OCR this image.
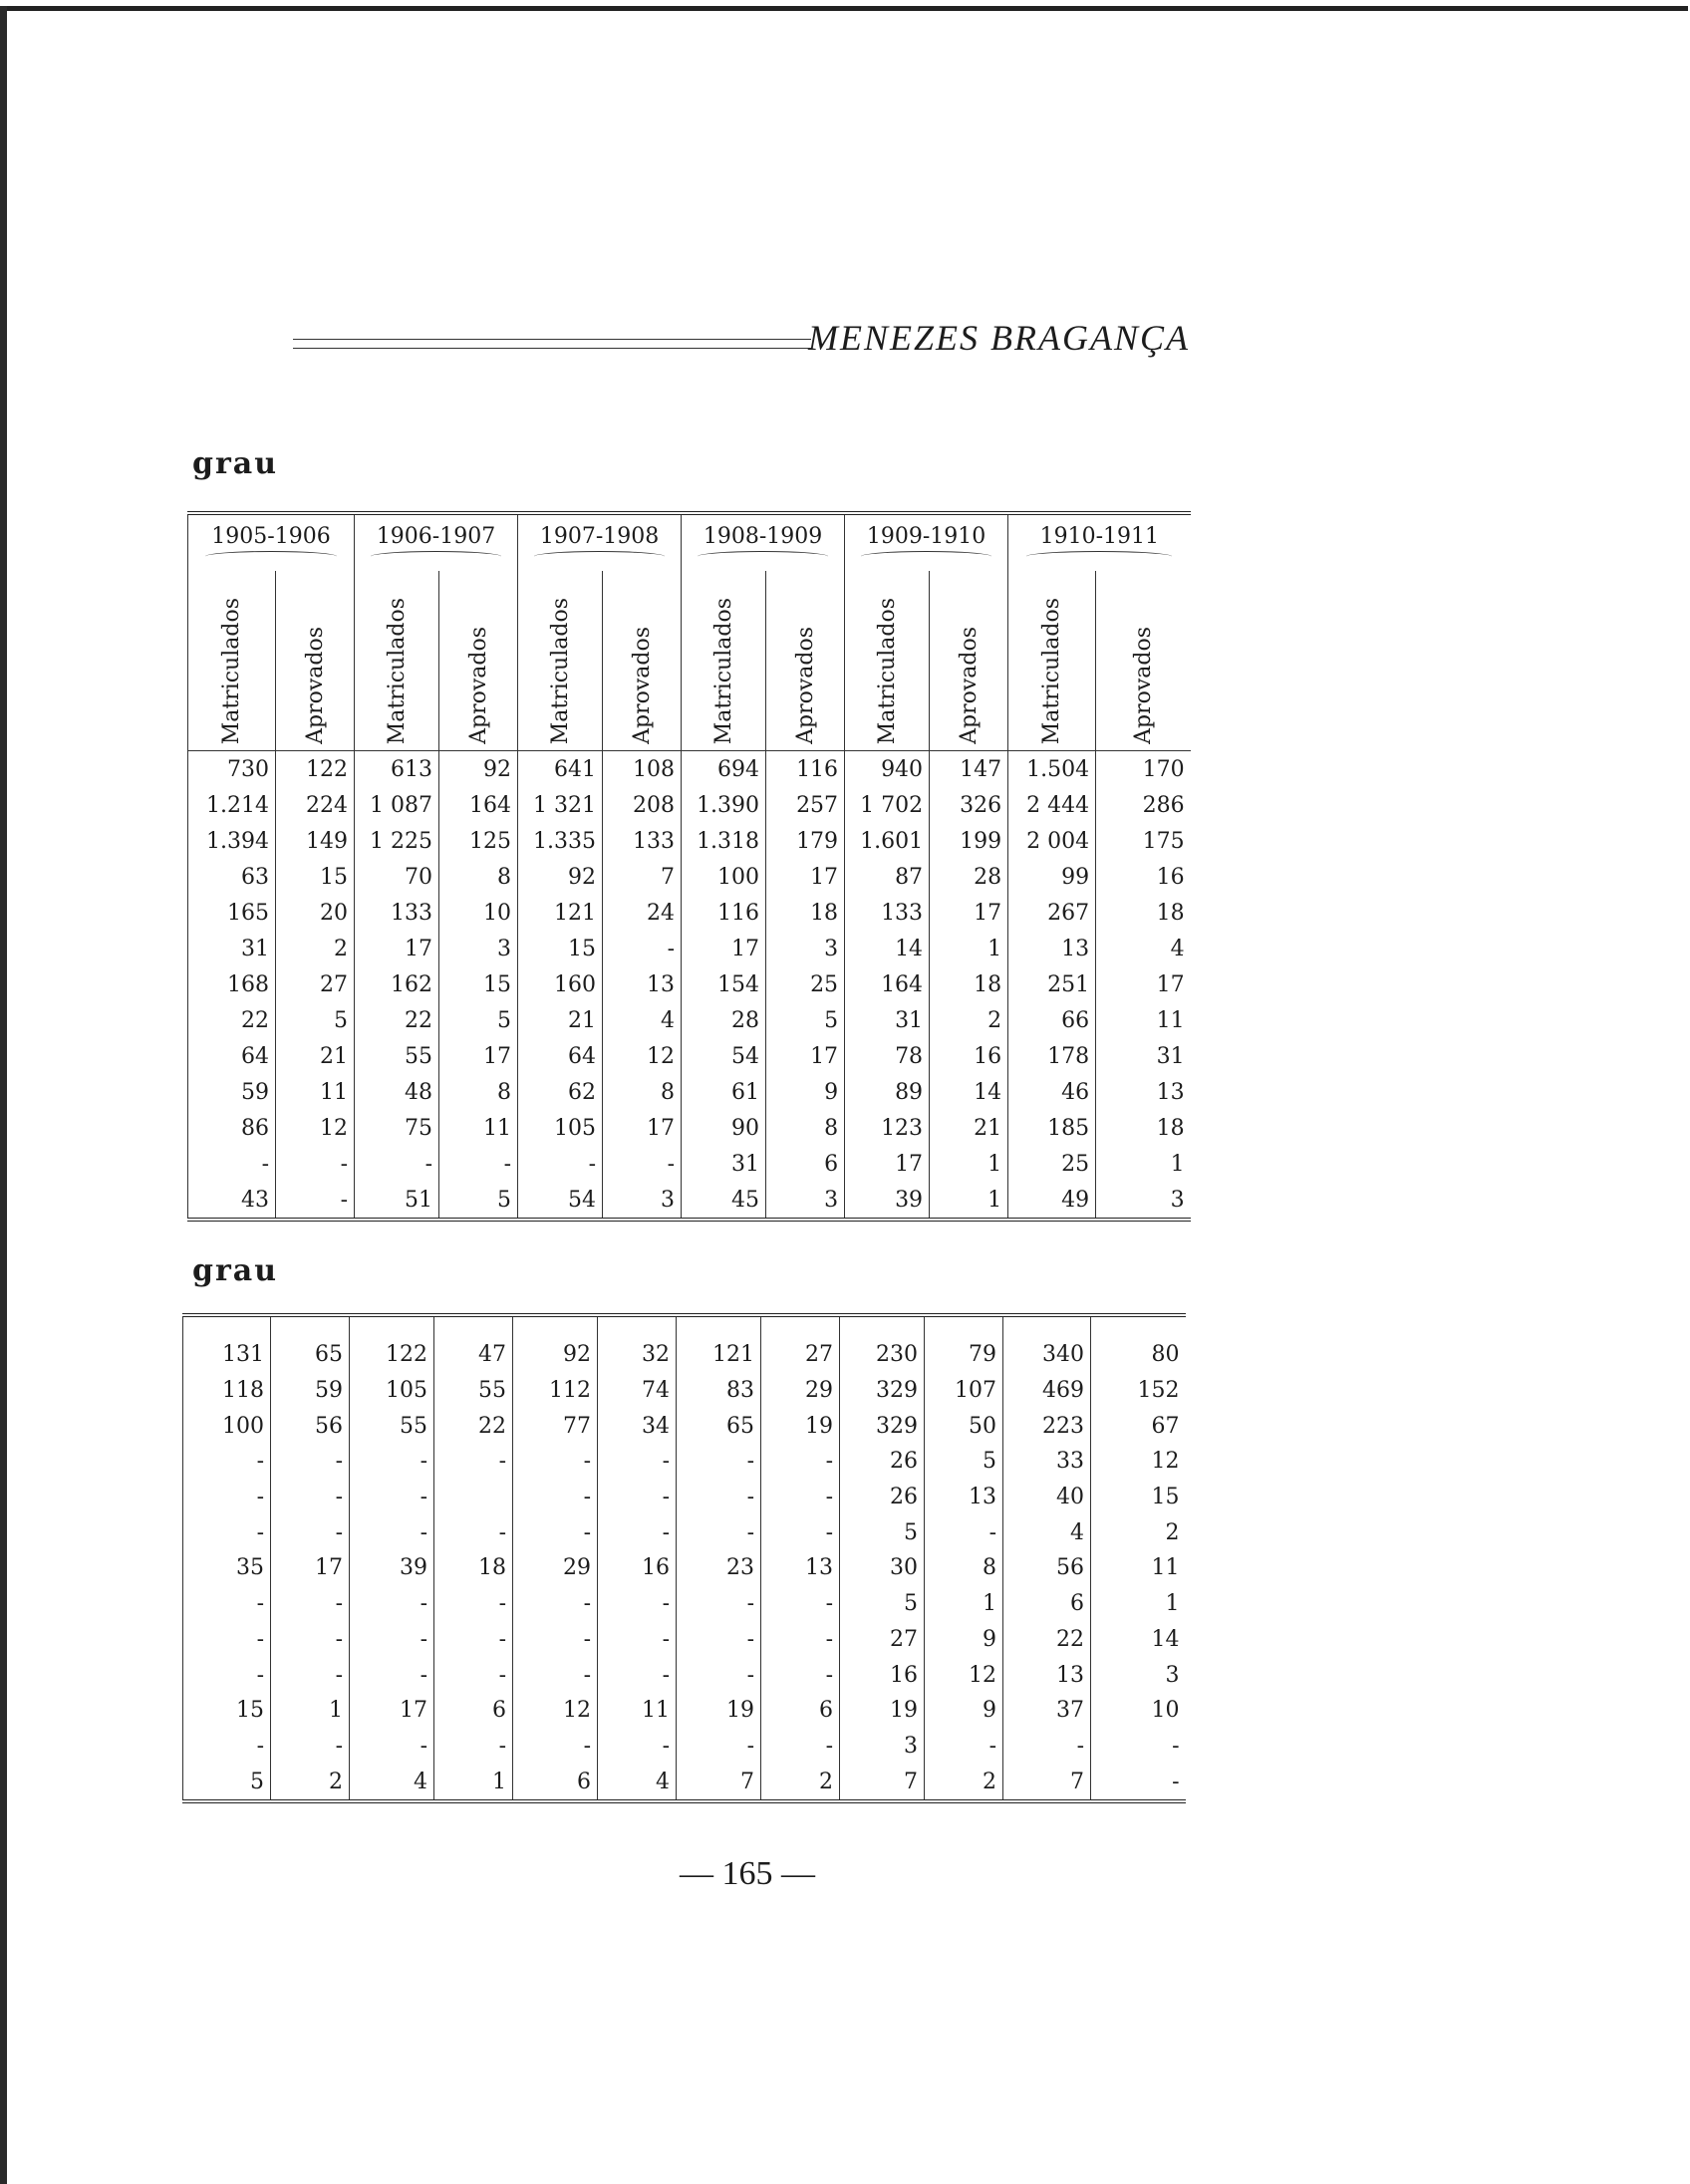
MENEZES BRAGANÇA
grau
1905-1906		1906-1907		1907-1908		1908-1909		1909-1910		1910-1911	

Matriculados	Aprovados	Matriculados	Aprovados	Matriculados	Aprovados	Matriculados	Aprovados	Matriculados	Aprovados	Matriculados	Aprovados
730	122	613	92	641	108	694	116	940	147	1.504	170
1.214	224	1 087	164	1 321	208	1.390	257	1 702	326	2 444	286
1.394	149	1 225	125	1.335	133	1.318	179	1.601	199	2 004	175
63	15	70	8	92	7	100	17	87	28	99	16
165	20	133	10	121	24	116	18	133	17	267	18
31	2	17	3	15	-	17	3	14	1	13	4
168	27	162	15	160	13	154	25	164	18	251	17
22	5	22	5	21	4	28	5	31	2	66	11
64	21	55	17	64	12	54	17	78	16	178	31
59	11	48	8	62	8	61	9	89	14	46	13
86	12	75	11	105	17	90	8	123	21	185	18
-	-	-	-	-	-	31	6	17	1	25	1
43	-	51	5	54	3	45	3	39	1	49	3
grau

131	65	122	47	92	32	121	27	230	79	340	80
118	59	105	55	112	74	83	29	329	107	469	152
100	56	55	22	77	34	65	19	329	50	223	67
-	-	-	-	-	-	-	-	26	5	33	12
-	-	-		-	-	-	-	26	13	40	15
-	-	-	-	-	-	-	-	5	-	4	2
35	17	39	18	29	16	23	13	30	8	56	11
-	-	-	-	-	-	-	-	5	1	6	1
-	-	-	-	-	-	-	-	27	9	22	14
-	-	-	-	-	-	-	-	16	12	13	3
15	1	17	6	12	11	19	6	19	9	37	10
-	-	-	-	-	-	-	-	3	-	-	-
5	2	4	1	6	4	7	2	7	2	7	-
— 165 —
